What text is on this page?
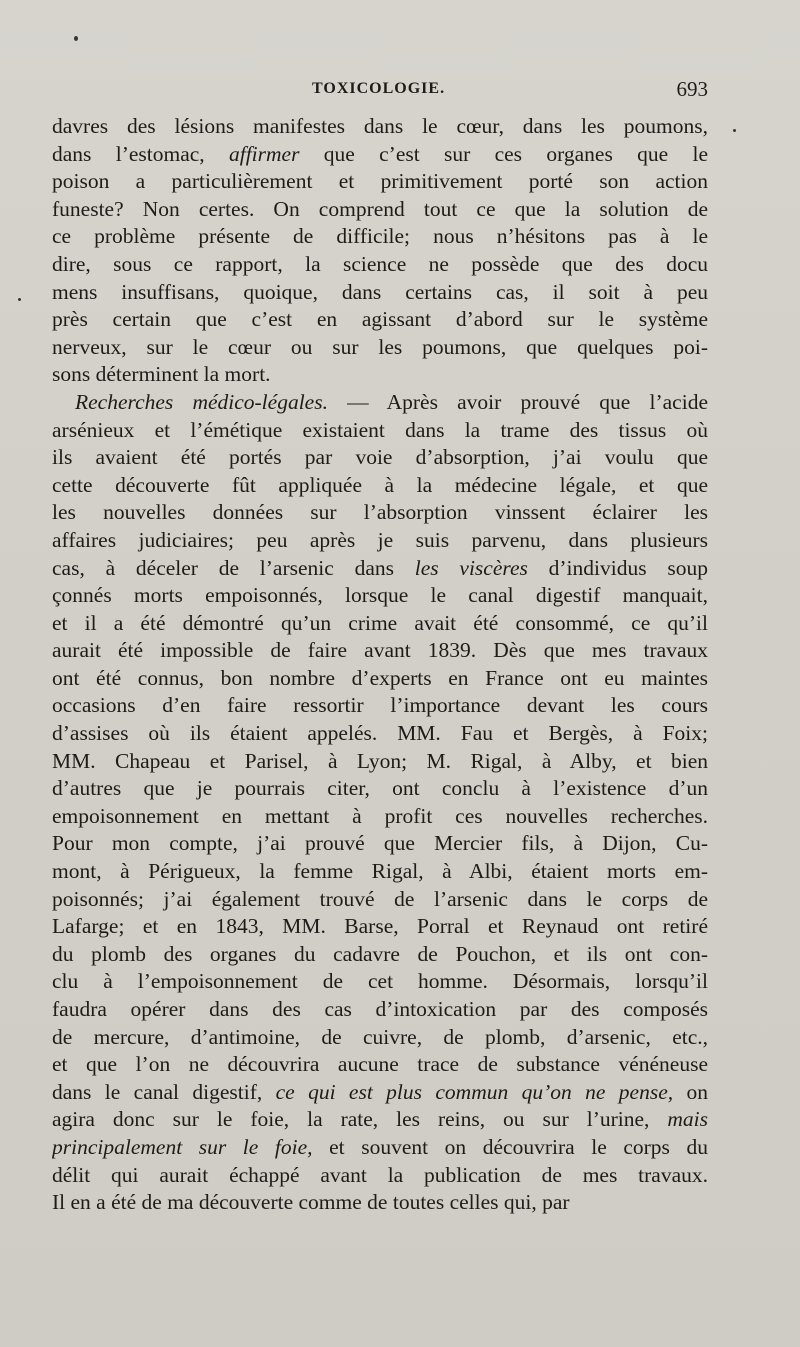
TOXICOLOGIE.	693
davres des lésions manifestes dans le cœur, dans les poumons,
dans l’estomac, affirmer que c’est sur ces organes que le
poison a particulièrement et primitivement porté son action
funeste? Non certes. On comprend tout ce que la solution de
ce problème présente de difficile; nous n’hésitons pas à le
dire, sous ce rapport, la science ne possède que des docu
mens insuffisans, quoique, dans certains cas, il soit à peu
près certain que c’est en agissant d’abord sur le système
nerveux, sur le cœur ou sur les poumons, que quelques poi-
sons déterminent la mort.
Recherches médico-légales. — Après avoir prouvé que l’acide
arsénieux et l’émétique existaient dans la trame des tissus où
ils avaient été portés par voie d’absorption, j’ai voulu que
cette découverte fût appliquée à la médecine légale, et que
les nouvelles données sur l’absorption vinssent éclairer les
affaires judiciaires; peu après je suis parvenu, dans plusieurs
cas, à déceler de l’arsenic dans les viscères d’individus soup
çonnés morts empoisonnés, lorsque le canal digestif manquait,
et il a été démontré qu’un crime avait été consommé, ce qu’il
aurait été impossible de faire avant 1839. Dès que mes travaux
ont été connus, bon nombre d’experts en France ont eu maintes
occasions d’en faire ressortir l’importance devant les cours
d’assises où ils étaient appelés. MM. Fau et Bergès, à Foix;
MM. Chapeau et Parisel, à Lyon; M. Rigal, à Alby, et bien
d’autres que je pourrais citer, ont conclu à l’existence d’un
empoisonnement en mettant à profit ces nouvelles recherches.
Pour mon compte, j’ai prouvé que Mercier fils, à Dijon, Cu-
mont, à Périgueux, la femme Rigal, à Albi, étaient morts em-
poisonnés; j’ai également trouvé de l’arsenic dans le corps de
Lafarge; et en 1843, MM. Barse, Porral et Reynaud ont retiré
du plomb des organes du cadavre de Pouchon, et ils ont con-
clu à l’empoisonnement de cet homme. Désormais, lorsqu’il
faudra opérer dans des cas d’intoxication par des composés
de mercure, d’antimoine, de cuivre, de plomb, d’arsenic, etc.,
et que l’on ne découvrira aucune trace de substance vénéneuse
dans le canal digestif, ce qui est plus commun qu’on ne pense, on
agira donc sur le foie, la rate, les reins, ou sur l’urine, mais
principalement sur le foie, et souvent on découvrira le corps du
délit qui aurait échappé avant la publication de mes travaux.
Il en a été de ma découverte comme de toutes celles qui, par
